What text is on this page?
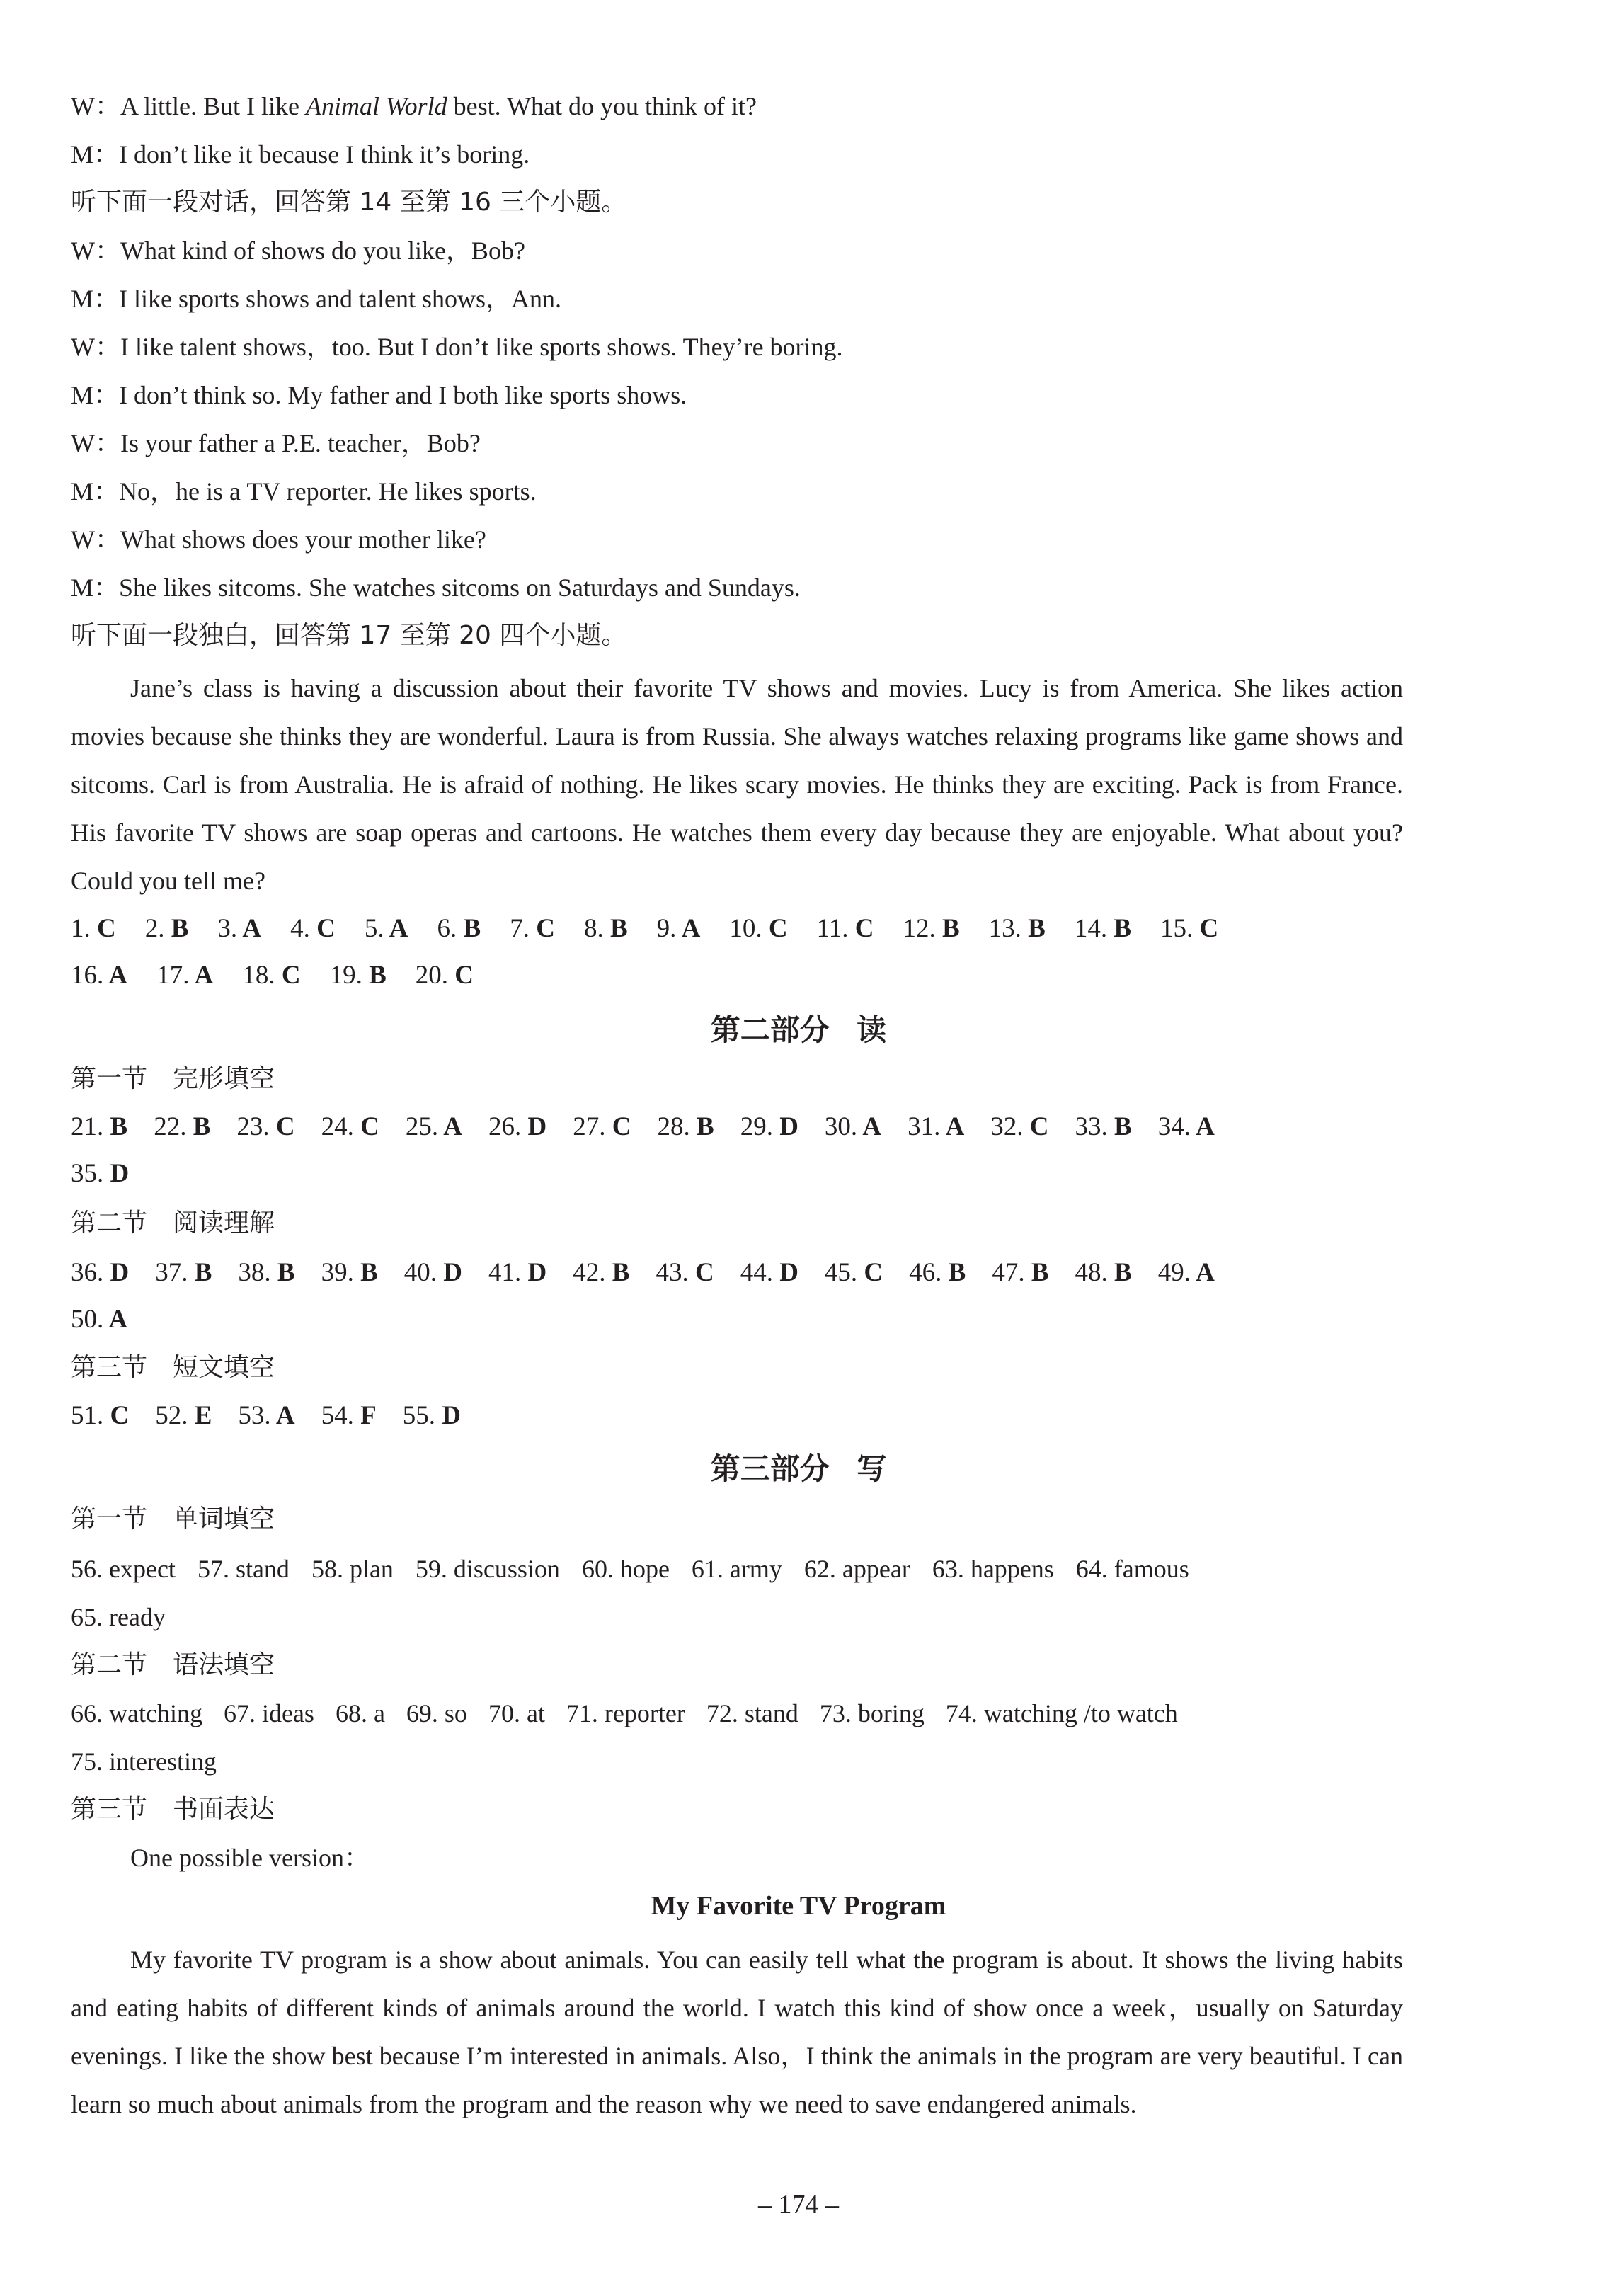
W：A little. But I like Animal World best. What do you think of it?
M：I don’t like it because I think it’s boring.
听下面一段对话，回答第 14 至第 16 三个小题。
W：What kind of shows do you like，Bob?
M：I like sports shows and talent shows，Ann.
W：I like talent shows，too. But I don’t like sports shows. They’re boring.
M：I don’t think so. My father and I both like sports shows.
W：Is your father a P.E. teacher，Bob?
M：No，he is a TV reporter. He likes sports.
W：What shows does your mother like?
M：She likes sitcoms. She watches sitcoms on Saturdays and Sundays.
听下面一段独白，回答第 17 至第 20 四个小题。
Jane’s class is having a discussion about their favorite TV shows and movies. Lucy is from America. She likes action movies because she thinks they are wonderful. Laura is from Russia. She always watches relaxing programs like game shows and sitcoms. Carl is from Australia. He is afraid of nothing. He likes scary movies. He thinks they are exciting. Pack is from France. His favorite TV shows are soap operas and cartoons. He watches them every day because they are enjoyable. What about you? Could you tell me?
1. C 2. B 3. A 4. C 5. A 6. B 7. C 8. B 9. A 10. C 11. C 12. B 13. B 14. B 15. C
16. A 17. A 18. C 19. B 20. C
第二部分 读
第一节　完形填空
21. B 22. B 23. C 24. C 25. A 26. D 27. C 28. B 29. D 30. A 31. A 32. C 33. B 34. A
35. D
第二节　阅读理解
36. D 37. B 38. B 39. B 40. D 41. D 42. B 43. C 44. D 45. C 46. B 47. B 48. B 49. A
50. A
第三节　短文填空
51. C 52. E 53. A 54. F 55. D
第三部分 写
第一节　单词填空
56. expect 57. stand 58. plan 59. discussion 60. hope 61. army 62. appear 63. happens 64. famous
65. ready
第二节　语法填空
66. watching 67. ideas 68. a 69. so 70. at 71. reporter 72. stand 73. boring 74. watching /to watch
75. interesting
第三节　书面表达
One possible version：
My Favorite TV Program
My favorite TV program is a show about animals. You can easily tell what the program is about. It shows the living habits and eating habits of different kinds of animals around the world. I watch this kind of show once a week，usually on Saturday evenings. I like the show best because I’m interested in animals. Also，I think the animals in the program are very beautiful. I can learn so much about animals from the program and the reason why we need to save endangered animals.
– 174 –
